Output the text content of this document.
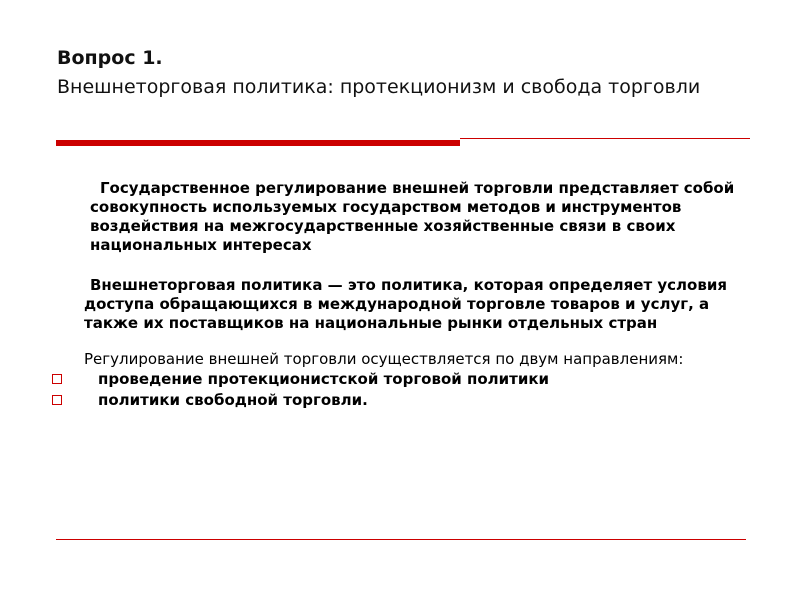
Вопрос 1.
Внешнеторговая политика: протекционизм и свобода торговли

Государственное регулирование внешней торговли представляет собой совокупность используемых государством методов и инструментов воздействия на межгосударственные хозяйственные связи в своих национальных интересах

Внешнеторговая политика — это политика, которая определяет условия доступа обращающихся в международной торговле товаров и услуг, а также их поставщиков на национальные рынки отдельных стран

Регулирование внешней торговли осуществляется по двум направлениям:

проведение протекционистской торговой политики
политики свободной торговли.
